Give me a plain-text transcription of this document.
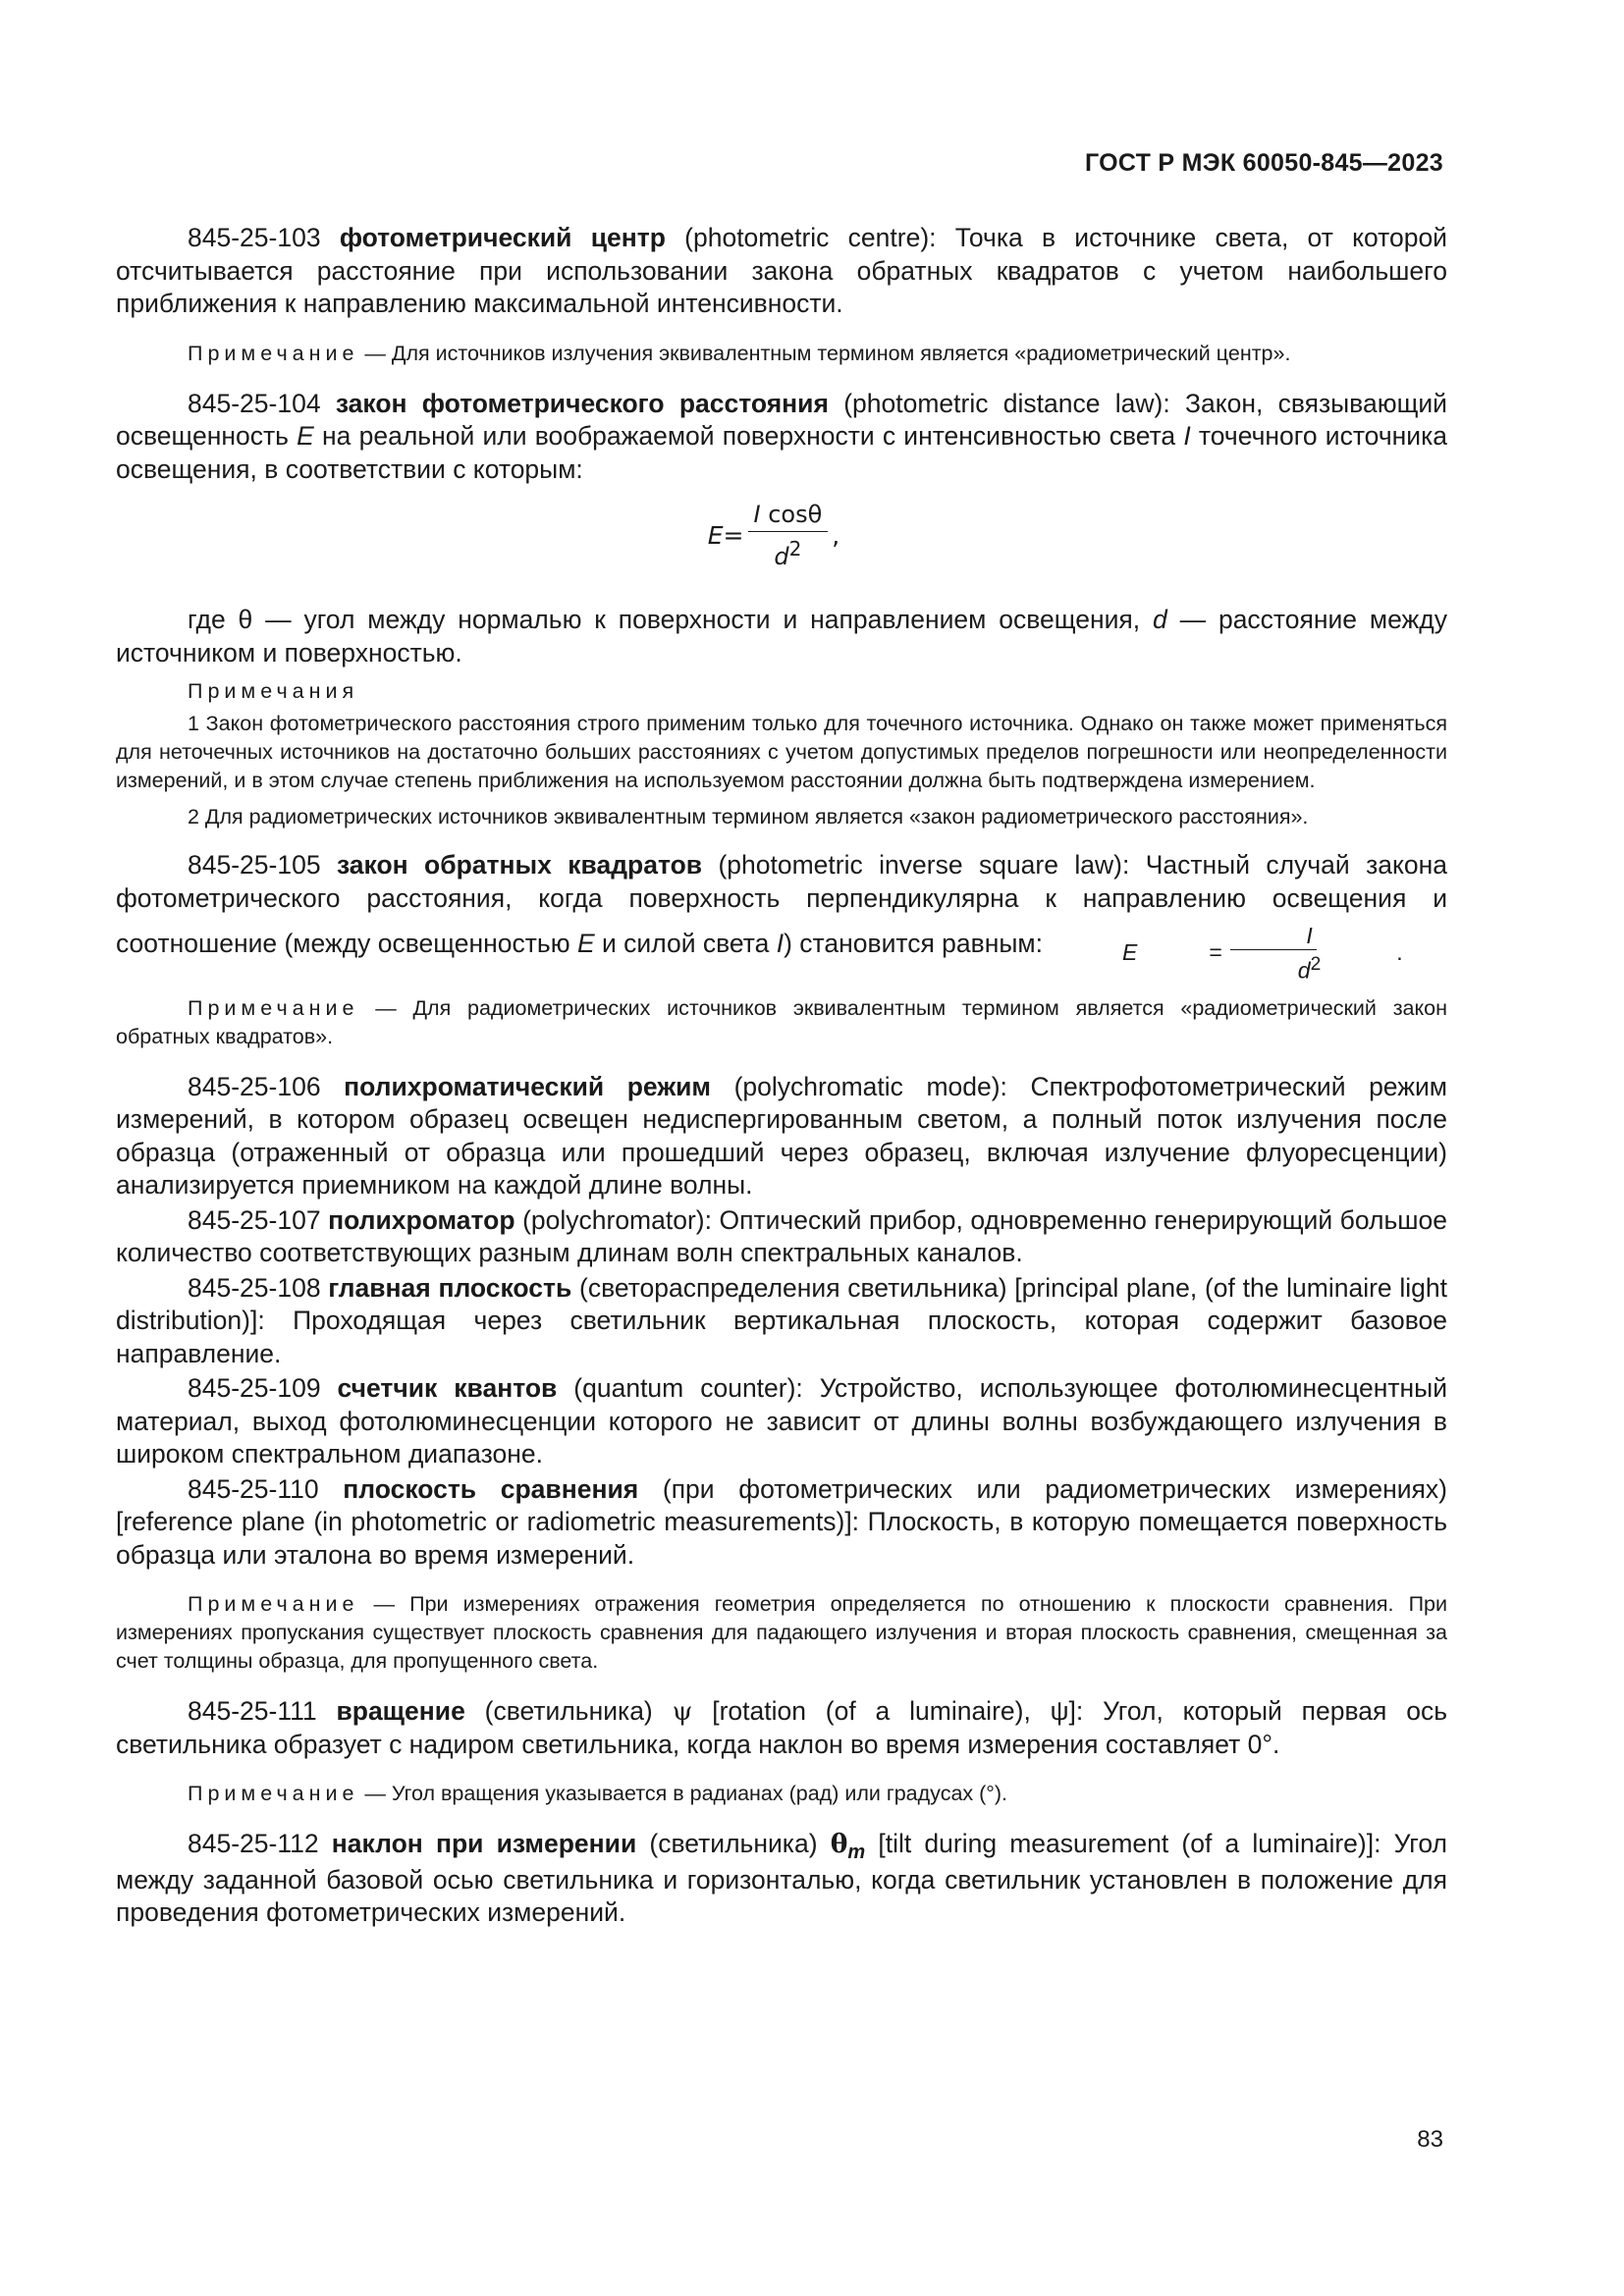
ГОСТ Р МЭК 60050-845—2023

845-25-103 фотометрический центр (photometric centre): Точка в источнике света, от которой отсчитывается расстояние при использовании закона обратных квадратов с учетом наибольшего приближения к направлению максимальной интенсивности.

Примечание — Для источников излучения эквивалентным термином является «радиометрический центр».

845-25-104 закон фотометрического расстояния (photometric distance law): Закон, связывающий освещенность E на реальной или воображаемой поверхности с интенсивностью света I точечного источника освещения, в соответствии с которым:

$E = \frac{\text{I cosθ}}{d^2}$ ,

где θ — угол между нормалью к поверхности и направлением освещения, d — расстояние между источником и поверхностью.

Примечания

1 Закон фотометрического расстояния строго применим только для точечного источника. Однако он также может применяться для неточечных источников на достаточно больших расстояниях с учетом допустимых пределов погрешности или неопределенности измерений, и в этом случае степень приближения на используемом расстоянии должна быть подтверждена измерением.

2 Для радиометрических источников эквивалентным термином является «закон радиометрического расстояния».

845-25-105 закон обратных квадратов (photometric inverse square law): Частный случай закона фотометрического расстояния, когда поверхность перпендикулярна к направлению освещения и соотношение (между освещенностью E и силой света I) становится равным:	E	= $\frac{I}{d^2}$	.

Примечание — Для радиометрических источников эквивалентным термином является «радиометрический закон обратных квадратов».

845-25-106 полихроматический режим (polychromatic mode): Спектрофотометрический режим измерений, в котором образец освещен недиспергированным светом, а полный поток излучения после образца (отраженный от образца или прошедший через образец, включая излучение флуоресценции) анализируется приемником на каждой длине волны.

845-25-107 полихроматор (polychromator): Оптический прибор, одновременно генерирующий большое количество соответствующих разным длинам волн спектральных каналов.

845-25-108 главная плоскость (светораспределения светильника) [principal plane, (of the luminaire light distribution)]: Проходящая через светильник вертикальная плоскость, которая содержит базовое направление.

845-25-109 счетчик квантов (quantum counter): Устройство, использующее фотолюминесцентный материал, выход фотолюминесценции которого не зависит от длины волны возбуждающего излучения в широком спектральном диапазоне.

845-25-110 плоскость сравнения (при фотометрических или радиометрических измерениях) [reference plane (in photometric or radiometric measurements)]: Плоскость, в которую помещается поверхность образца или эталона во время измерений.

Примечание — При измерениях отражения геометрия определяется по отношению к плоскости сравнения. При измерениях пропускания существует плоскость сравнения для падающего излучения и вторая плоскость сравнения, смещенная за счет толщины образца, для пропущенного света.

845-25-111 вращение (светильника) ψ [rotation (of a luminaire), ψ]: Угол, который первая ось светильника образует с надиром светильника, когда наклон во время измерения составляет 0°.

Примечание — Угол вращения указывается в радианах (рад) или градусах (°).

845-25-112 наклон при измерении (светильника) $\theta_m$ [tilt during measurement (of a luminaire)]: Угол между заданной базовой осью светильника и горизонталью, когда светильник установлен в положение для проведения фотометрических измерений.

83
